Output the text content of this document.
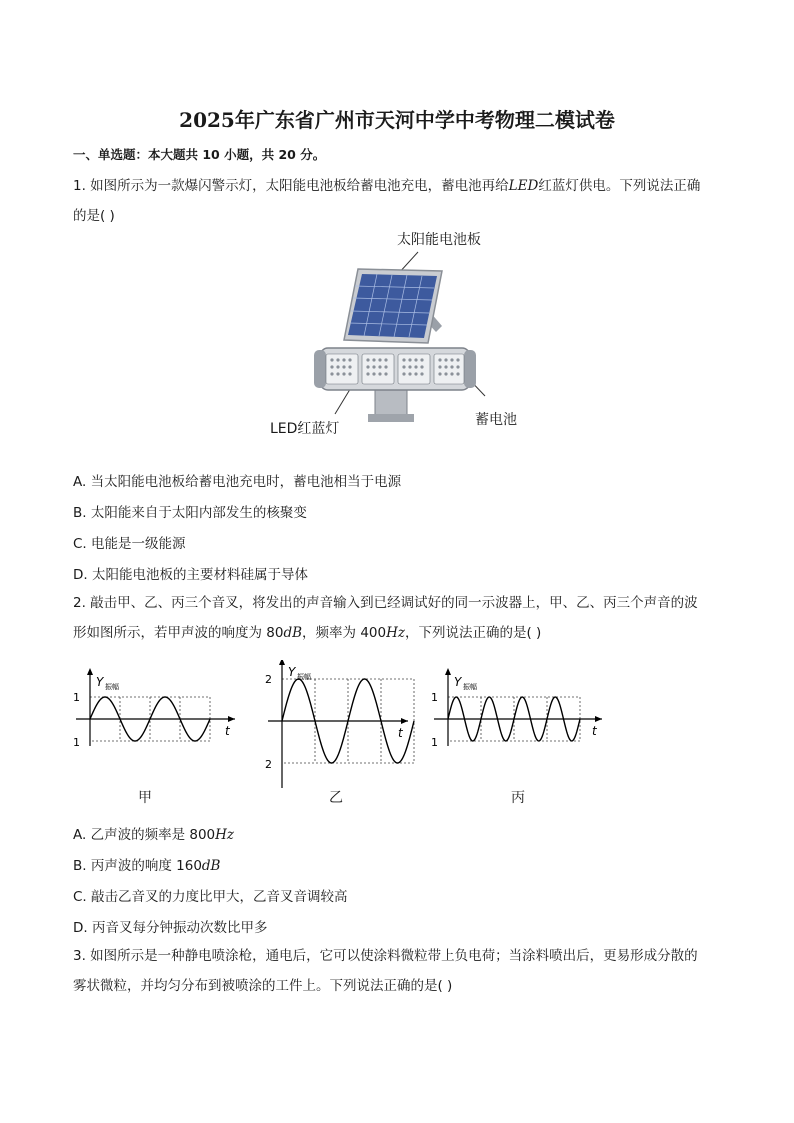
2025年广东省广州市天河中学中考物理二模试卷
一、单选题：本大题共 10 小题，共 20 分。
1. 如图所示为一款爆闪警示灯，太阳能电池板给蓄电池充电，蓄电池再给LED红蓝灯供电。下列说法正确
的是( )
太阳能电池板
LED红蓝灯
蓄电池
A. 当太阳能电池板给蓄电池充电时，蓄电池相当于电源
B. 太阳能来自于太阳内部发生的核聚变
C. 电能是一级能源
D. 太阳能电池板的主要材料硅属于导体
2. 敲击甲、乙、丙三个音叉，将发出的声音输入到已经调试好的同一示波器上，甲、乙、丙三个声音的波
形如图所示，若甲声波的响度为 80dB，频率为 400Hz，下列说法正确的是( )
1
1
Y 振幅
t
2
2
Y 振幅
t
1
1
Y 振幅
t
甲	乙	丙
A. 乙声波的频率是 800Hz
B. 丙声波的响度 160dB
C. 敲击乙音叉的力度比甲大，乙音叉音调较高
D. 丙音叉每分钟振动次数比甲多
3. 如图所示是一种静电喷涂枪，通电后，它可以使涂料微粒带上负电荷；当涂料喷出后，更易形成分散的
雾状微粒，并均匀分布到被喷涂的工件上。下列说法正确的是( )
